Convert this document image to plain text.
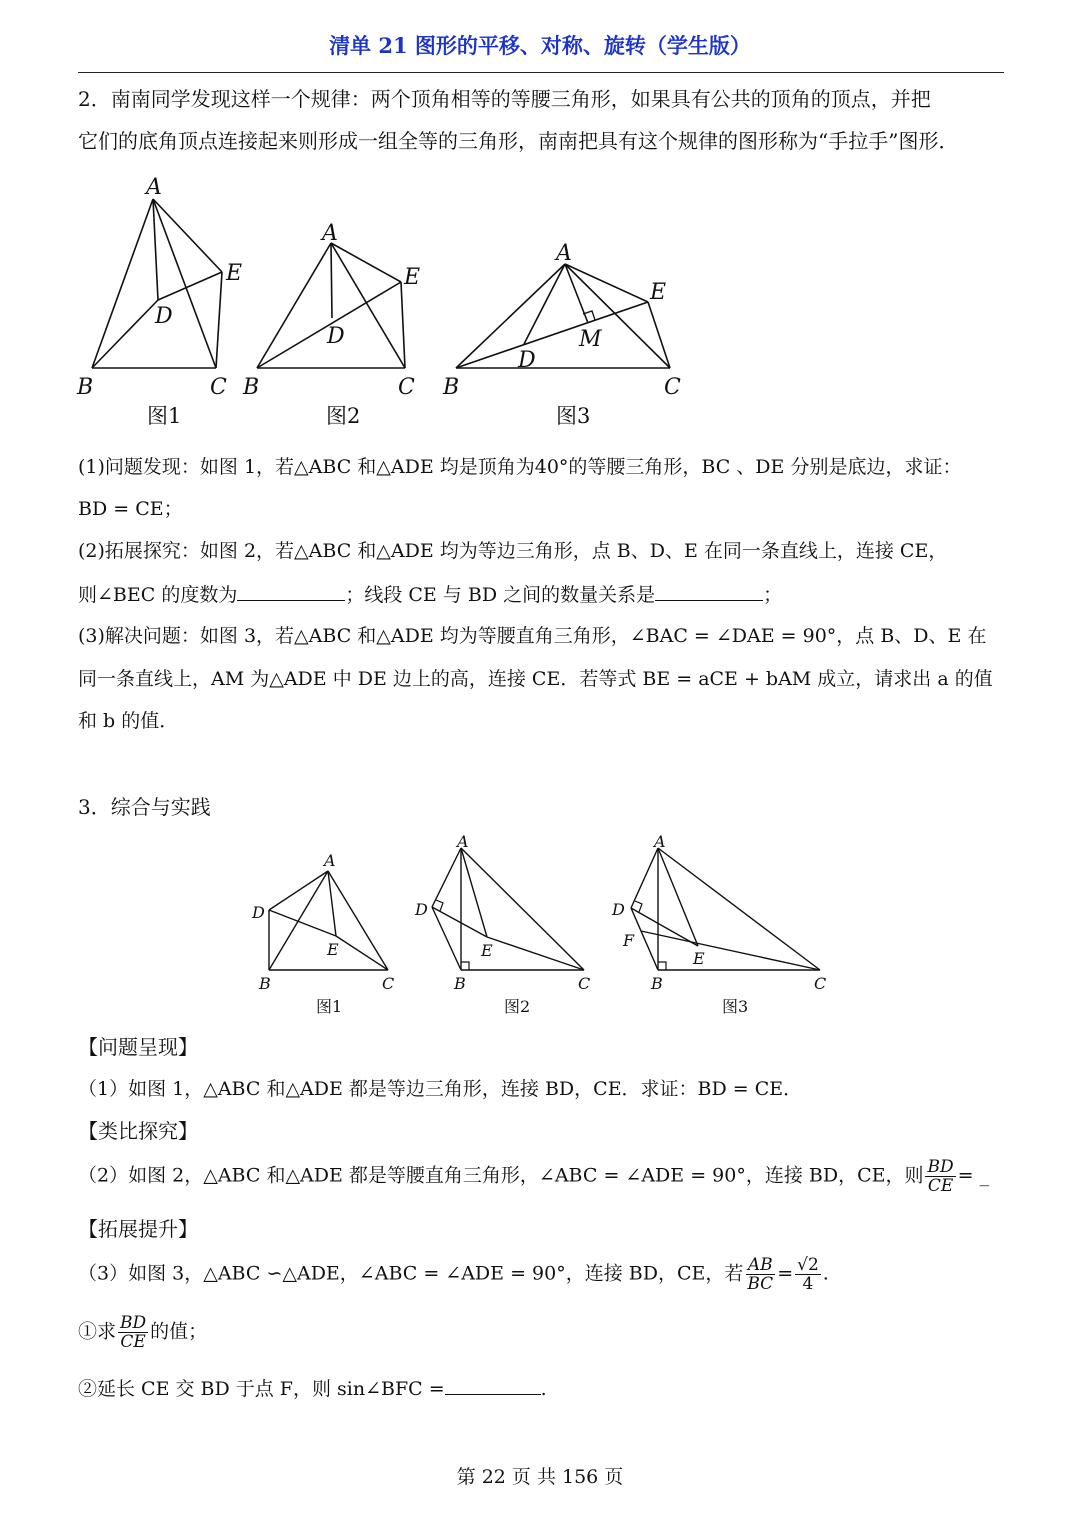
清单 21 图形的平移、对称、旋转（学生版）
2．南南同学发现这样一个规律：两个顶角相等的等腰三角形，如果具有公共的顶角的顶点，并把
它们的底角顶点连接起来则形成一组全等的三角形，南南把具有这个规律的图形称为“手拉手”图形．
A
B	C
D
E
A
B	C
D
E
A
B	C
D
E
M
图1	图2	图3
(1)问题发现：如图 1，若△ABC 和△ADE 均是顶角为40°的等腰三角形，BC 、DE 分别是底边，求证：
BD = CE；
(2)拓展探究：如图 2，若△ABC 和△ADE 均为等边三角形，点 B、D、E 在同一条直线上，连接 CE，
则∠BEC 的度数为	；线段 CE 与 BD 之间的数量关系是	；
(3)解决问题：如图 3，若△ABC 和△ADE 均为等腰直角三角形，∠BAC = ∠DAE = 90°，点 B、D、E 在
同一条直线上，AM 为△ADE 中 DE 边上的高，连接 CE．若等式 BE = aCE + bAM 成立，请求出 a 的值
和 b 的值．
3．综合与实践
A
B	C
D
E
A
B	C
D
E
A
B	C
D
E
F
图1	图2	图3
【问题呈现】
（1）如图 1，△ABC 和△ADE 都是等边三角形，连接 BD，CE．求证：BD = CE．
【类比探究】
（2）如图 2，△ABC 和△ADE 都是等腰直角三角形，∠ABC = ∠ADE = 90°，连接 BD，CE，则 $\frac{BD}{CE}$ = _
【拓展提升】
（3）如图 3，△ABC ∽△ADE，∠ABC = ∠ADE = 90°，连接 BD，CE，若 $\frac{AB}{BC} = \frac{√2}{4}$ .
①求 $\frac{BD}{CE}$ 的值；
②延长 CE 交 BD 于点 F，则 sin∠BFC =	.
第 22 页 共 156 页
